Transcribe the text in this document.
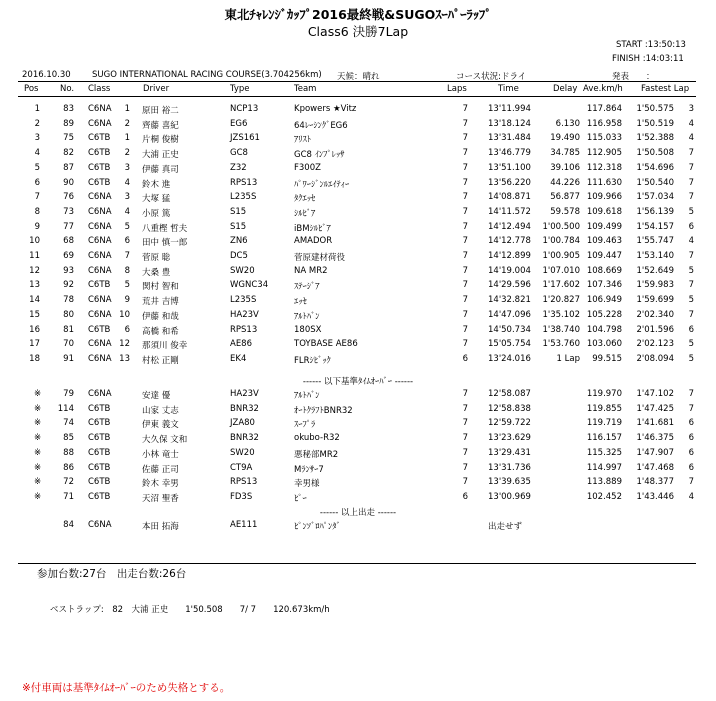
東北ﾁｬﾚﾝｼﾞｶｯﾌﾟ2016最終戦&SUGOｽｰﾊﾟｰﾗｯﾌﾟ
Class6 決勝7Lap
START :13:50:13
FINISH :14:03:11
2016.10.30	SUGO INTERNATIONAL RACING COURSE(3.704256km) 天候：晴れ	コース状況:ドライ	発表　　：
Pos	No. Class	Driver	Type	Team	Laps	Time	Delay Ave.km/h Fastest Lap
1	83 C6NA	1 原田 裕二	NCP13	Kpowers ★Vitz	7 13'11.994	117.864	1'50.575	3
2	89 C6NA	2 齊藤 喜紀	EG6	64ﾚｰｼﾝｸﾞEG6	7 13'18.124	6.130 116.958	1'50.519	4
3	75 C6TB	1 片桐 俊樹	JZS161	ｱﾘｽﾄ	7 13'31.484	19.490 115.033	1'52.388	4
4	82 C6TB	2 大浦 正史	GC8	GC8 ｲﾝﾌﾟﾚｯｻ	7 13'46.779	34.785 112.905	1'50.508	7
5	87 C6TB	3 伊藤 真司	Z32	F300Z	7 13'51.100	39.106 112.318	1'54.696	7
6	90 C6TB	4 鈴木 進	RPS13	ﾊﾟﾜｰｼﾞﾝﾙｴｲﾃｨｰ	7 13'56.220	44.226 111.630	1'50.540	7
7	76 C6NA	3 大塚 猛	L235S	ﾀｸｴｯｾ	7 14'08.871	56.877 109.966	1'57.034	7
8	73 C6NA	4 小原 篤	S15	ｼﾙﾋﾞｱ	7 14'11.572	59.578 109.618	1'56.139	5
9	77 C6NA	5 八重樫 哲夫	S15	iBMｼﾙﾋﾞｱ	7 14'12.494	1'00.500 109.499	1'54.157	6
10	68 C6NA	6 田中 慎一郎	ZN6	AMADOR	7 14'12.778	1'00.784 109.463	1'55.747	4
11	69 C6NA	7 菅原 聡	DC5	菅原建材荷役	7 14'12.899	1'00.905 109.447	1'53.140	7
12	93 C6NA	8 大桑 豊	SW20	NA MR2	7 14'19.004	1'07.010 108.669	1'52.649	5
13	92 C6TB	5 関村 智和	WGNC34	ｽﾃｰｼﾞｱ	7 14'29.596	1'17.602 107.346	1'59.983	7
14	78 C6NA	9 荒井 吉博	L235S	ｴｯｾ	7 14'32.821	1'20.827 106.949	1'59.699	5
15	80 C6NA 10 伊藤 和哉	HA23V	ｱﾙﾄﾊﾞﾝ	7 14'47.096	1'35.102 105.228	2'02.340	7
16	81 C6TB	6 高橋 和希	RPS13	180SX	7 14'50.734	1'38.740 104.798	2'01.596	6
17	70 C6NA 12 那須川 俊幸	AE86	TOYBASE AE86	7 15'05.754	1'53.760 103.060	2'02.123	5
18	91 C6NA 13 村松 正剛	EK4	FLRｼﾋﾞｯｸ	6 13'24.016	1 Lap	99.515	2'08.094	5
------ 以下基準ﾀｲﾑｵｰﾊﾞｰ ------
※	79 C6NA	安達 優	HA23V	ｱﾙﾄﾊﾞﾝ	7 12'58.087	119.970	1'47.102	7
※	114 C6TB	山家 丈志	BNR32	ｵｰﾄｸﾗﾌﾄBNR32	7 12'58.838	119.855	1'47.425	7
※	74 C6TB	伊東 義文	JZA80	ｽｰﾌﾟﾗ	7 12'59.722	119.719	1'41.681	6
※	85 C6TB	大久保 文和	BNR32	okubo-R32	7 13'23.629	116.157	1'46.375	6
※	88 C6TB	小林 竜士	SW20	悪秘部MR2	7 13'29.431	115.325	1'47.907	6
※	86 C6TB	佐藤 正司	CT9A	Mﾗﾝｻｰ7	7 13'31.736	114.997	1'47.468	6
※	72 C6TB	鈴木 幸男	RPS13	幸男様	7 13'39.635	113.889	1'48.377	7
※	71 C6TB	天沼 聖香	FD3S	ﾋﾟｰ	6 13'00.969	102.452	1'43.446	4
------ 以上出走 ------
84 C6NA	本田 拓海	AE111	ﾋﾟﾝｿﾞﾛﾊﾟﾝﾀﾞ	出走せず
参加台数:27台　出走台数:26台
ベストラップ:　82　大浦 正史　　1'50.508　　7/ 7　　120.673km/h
※付車両は基準ﾀｲﾑｵｰﾊﾞｰのため失格とする。
